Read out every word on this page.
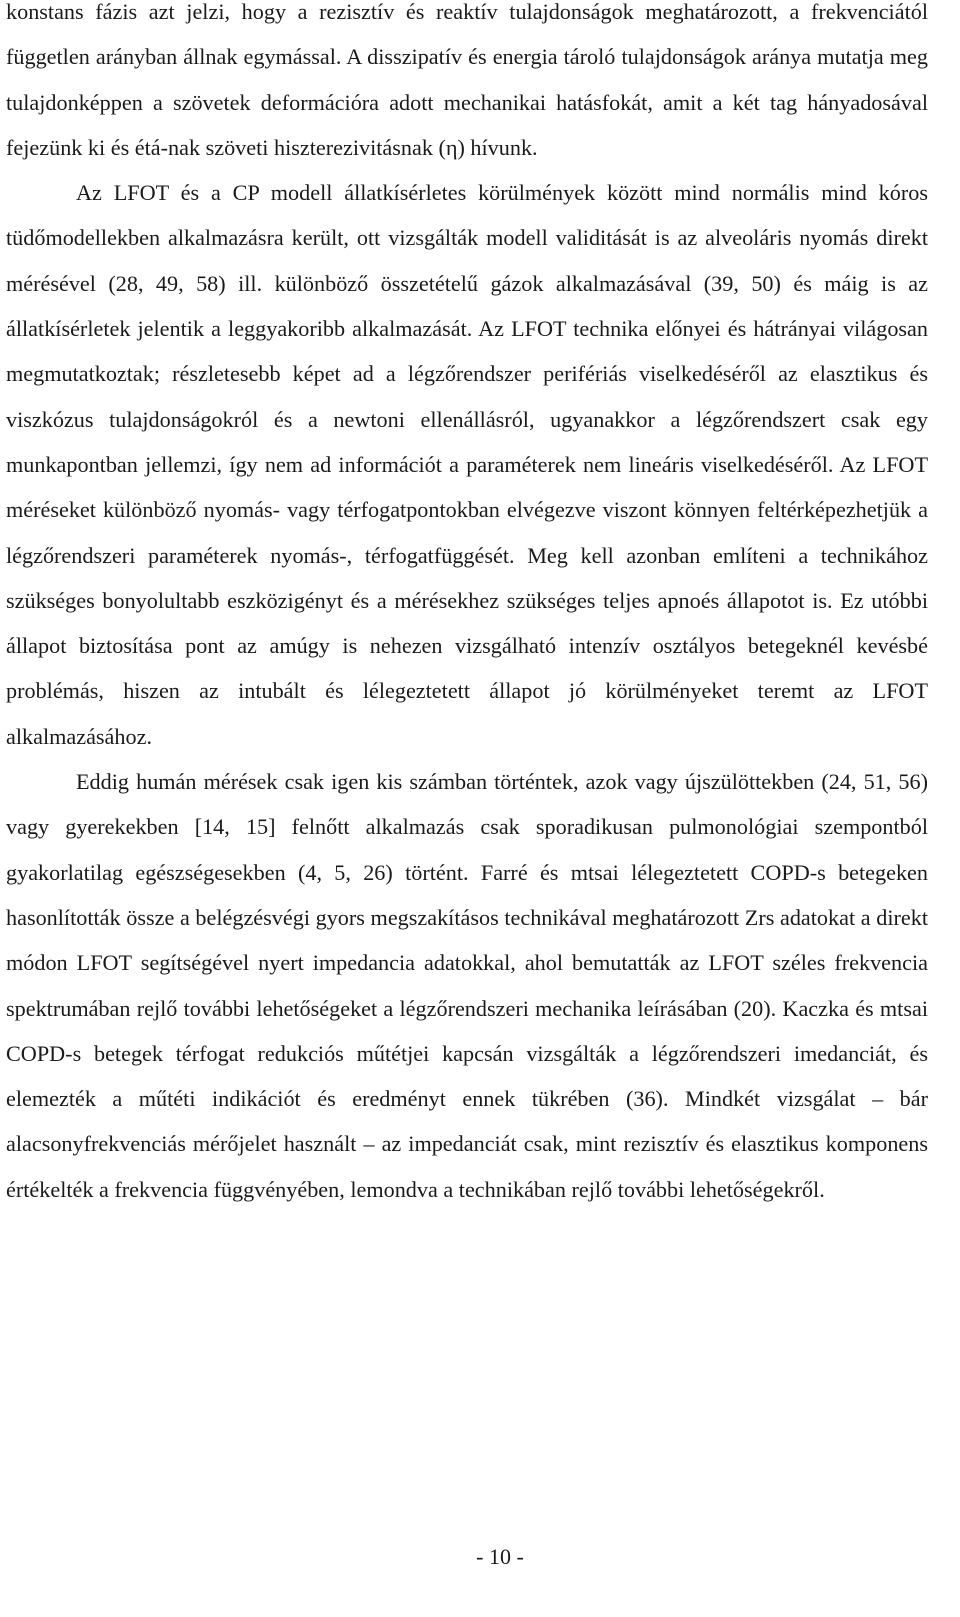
konstans fázis azt jelzi, hogy a rezisztív és reaktív tulajdonságok meghatározott, a frekvenciától független arányban állnak egymással. A disszipatív és energia tároló tulajdonságok aránya mutatja meg tulajdonképpen a szövetek deformációra adott mechanikai hatásfokát, amit a két tag hányadosával fejezünk ki és étá-nak szöveti hiszterezivitásnak (η) hívunk.

Az LFOT és a CP modell állatkísérletes körülmények között mind normális mind kóros tüdőmodellekben alkalmazásra került, ott vizsgálták modell validitását is az alveoláris nyomás direkt mérésével (28, 49, 58) ill. különböző összetételű gázok alkalmazásával (39, 50) és máig is az állatkísérletek jelentik a leggyakoribb alkalmazását. Az LFOT technika előnyei és hátrányai világosan megmutatkoztak; részletesebb képet ad a légzőrendszer perifériás viselkedéséről az elasztikus és viszkózus tulajdonságokról és a newtoni ellenállásról, ugyanakkor a légzőrendszert csak egy munkapontban jellemzi, így nem ad információt a paraméterek nem lineáris viselkedéséről. Az LFOT méréseket különböző nyomás- vagy térfogatpontokban elvégezve viszont könnyen feltérképezhetjük a légzőrendszeri paraméterek nyomás-, térfogatfüggését. Meg kell azonban említeni a technikához szükséges bonyolultabb eszközigényt és a mérésekhez szükséges teljes apnoés állapotot is. Ez utóbbi állapot biztosítása pont az amúgy is nehezen vizsgálható intenzív osztályos betegeknél kevésbé problémás, hiszen az intubált és lélegeztetett állapot jó körülményeket teremt az LFOT alkalmazásához.

Eddig humán mérések csak igen kis számban történtek, azok vagy újszülöttekben (24, 51, 56) vagy gyerekekben [14, 15] felnőtt alkalmazás csak sporadikusan pulmonológiai szempontból gyakorlatilag egészségesekben (4, 5, 26) történt. Farré és mtsai lélegeztetett COPD-s betegeken hasonlították össze a belégzésvégi gyors megszakításos technikával meghatározott Zrs adatokat a direkt módon LFOT segítségével nyert impedancia adatokkal, ahol bemutatták az LFOT széles frekvencia spektrumában rejlő további lehetőségeket a légzőrendszeri mechanika leírásában (20). Kaczka és mtsai COPD-s betegek térfogat redukciós műtétjei kapcsán vizsgálták a légzőrendszeri imedanciát, és elemezték a műtéti indikációt és eredményt ennek tükrében (36). Mindkét vizsgálat – bár alacsonyfrekvenciás mérőjelet használt – az impedanciát csak, mint rezisztív és elasztikus komponens értékelték a frekvencia függvényében, lemondva a technikában rejlő további lehetőségekről.

- 10 -
